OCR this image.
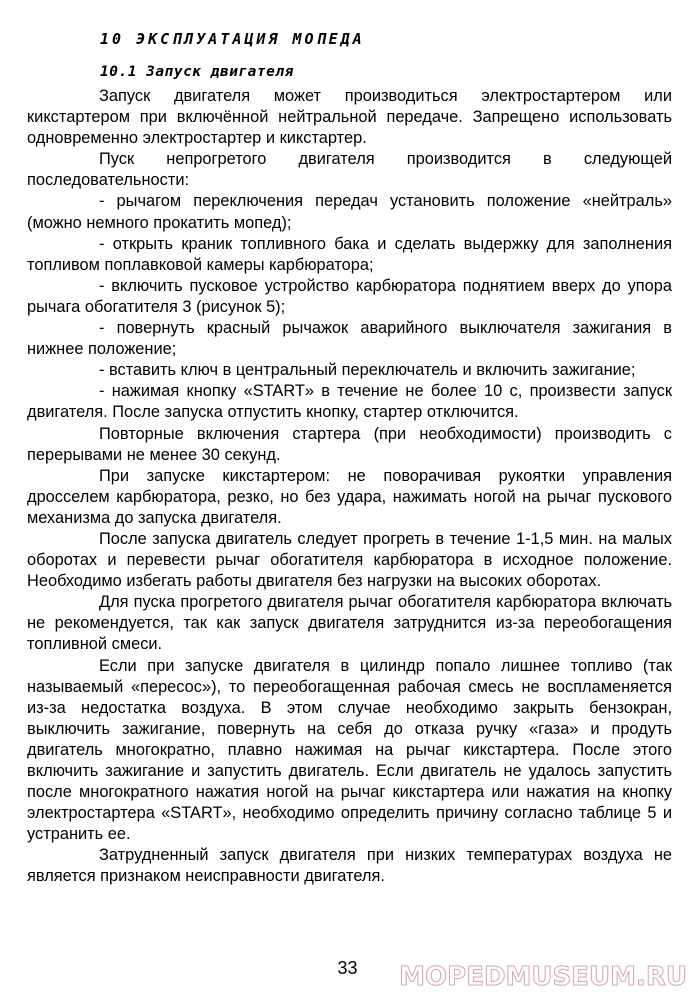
10 ЭКСПЛУАТАЦИЯ МОПЕДА
10.1 Запуск двигателя

Запуск двигателя может производиться электростартером или кикстартером при включённой нейтральной передаче. Запрещено использовать одновременно электростартер и кикстартер.

Пуск непрогретого двигателя производится в следующей последовательности:

- рычагом переключения передач установить положение «нейтраль» (можно немного прокатить мопед);

- открыть краник топливного бака и сделать выдержку для заполнения топливом поплавковой камеры карбюратора;

- включить пусковое устройство карбюратора поднятием вверх до упора рычага обогатителя 3 (рисунок 5);

- повернуть красный рычажок аварийного выключателя зажигания в нижнее положение;

- вставить ключ в центральный переключатель и включить зажигание;

- нажимая кнопку «START» в течение не более 10 с, произвести запуск двигателя. После запуска отпустить кнопку, стартер отключится.

Повторные включения стартера (при необходимости) производить с перерывами не менее 30 секунд.

При запуске кикстартером: не поворачивая рукоятки управления дросселем карбюратора, резко, но без удара, нажимать ногой на рычаг пускового механизма до запуска двигателя.

После запуска двигатель следует прогреть в течение 1-1,5 мин. на малых оборотах и перевести рычаг обогатителя карбюратора в исходное положение. Необходимо избегать работы двигателя без нагрузки на высоких оборотах.

Для пуска прогретого двигателя рычаг обогатителя карбюратора включать не рекомендуется, так как запуск двигателя затруднится из-за переобогащения топливной смеси.

Если при запуске двигателя в цилиндр попало лишнее топливо (так называемый «пересос»), то переобогащенная рабочая смесь не воспламеняется из-за недостатка воздуха. В этом случае необходимо закрыть бензокран, выключить зажигание, повернуть на себя до отказа ручку «газа» и продуть двигатель многократно, плавно нажимая на рычаг кикстартера. После этого включить зажигание и запустить двигатель. Если двигатель не удалось запустить после многократного нажатия ногой на рычаг кикстартера или нажатия на кнопку электростартера «START», необходимо определить причину согласно таблице 5 и устранить ее.

Затрудненный запуск двигателя при низких температурах воздуха не является признаком неисправности двигателя.

33	MOPEDMUSEUM.RU
